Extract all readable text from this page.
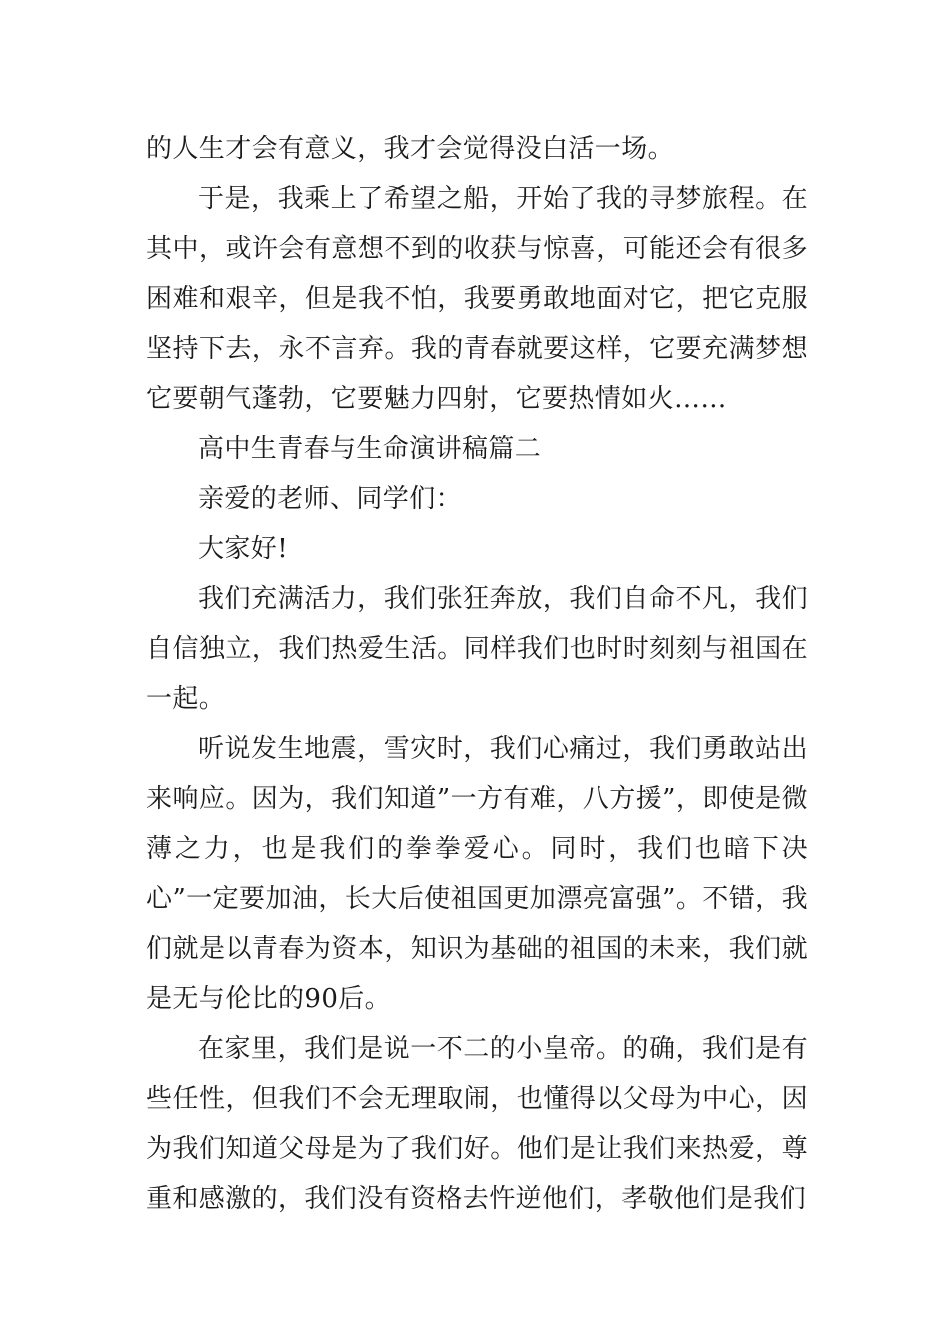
的人生才会有意义，我才会觉得没白活一场。

于是，我乘上了希望之船，开始了我的寻梦旅程。在其中，或许会有意想不到的收获与惊喜，可能还会有很多困难和艰辛，但是我不怕，我要勇敢地面对它，把它克服坚持下去，永不言弃。我的青春就要这样，它要充满梦想它要朝气蓬勃，它要魅力四射，它要热情如火……

高中生青春与生命演讲稿篇二

亲爱的老师、同学们：

大家好!

我们充满活力，我们张狂奔放，我们自命不凡，我们自信独立，我们热爱生活。同样我们也时时刻刻与祖国在一起。

听说发生地震，雪灾时，我们心痛过，我们勇敢站出来响应。因为，我们知道”一方有难，八方援”，即使是微薄之力，也是我们的拳拳爱心。同时，我们也暗下决心”一定要加油，长大后使祖国更加漂亮富强”。不错，我们就是以青春为资本，知识为基础的祖国的未来，我们就是无与伦比的90后。

在家里，我们是说一不二的小皇帝。的确，我们是有些任性，但我们不会无理取闹，也懂得以父母为中心，因为我们知道父母是为了我们好。他们是让我们来热爱，尊重和感激的，我们没有资格去忤逆他们，孝敬他们是我们
